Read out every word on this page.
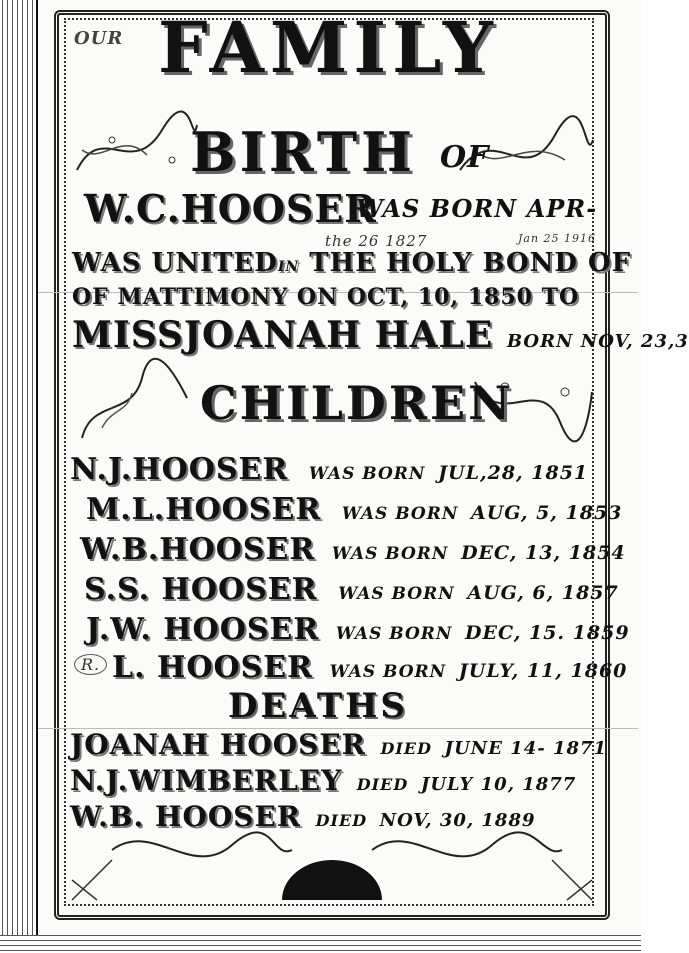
OUR FAMILY
BIRTH OF
W.C.HOOSER
WAS BORN APR-
the 26 1827	Jan 25 1916
WAS UNITEDIN THE HOLY BOND OF
OF MATTIMONY ON OCT, 10, 1850 TO
MISSJOANAH HALE BORN NOV, 23,3
CHILDREN
N.J.HOOSER WAS BORN JUL,28, 1851
M.L.HOOSER WAS BORN AUG, 5, 1853
W.B.HOOSER WAS BORN DEC, 13, 1854
S.S. HOOSER WAS BORN AUG, 6, 1857
J.W. HOOSER WAS BORN DEC, 15. 1859
R. L. HOOSER WAS BORN JULY, 11, 1860
DEATHS
JOANAH HOOSER DIED JUNE 14- 1871
N.J.WIMBERLEY DIED JULY 10, 1877
W.B. HOOSER DIED NOV, 30, 1889
